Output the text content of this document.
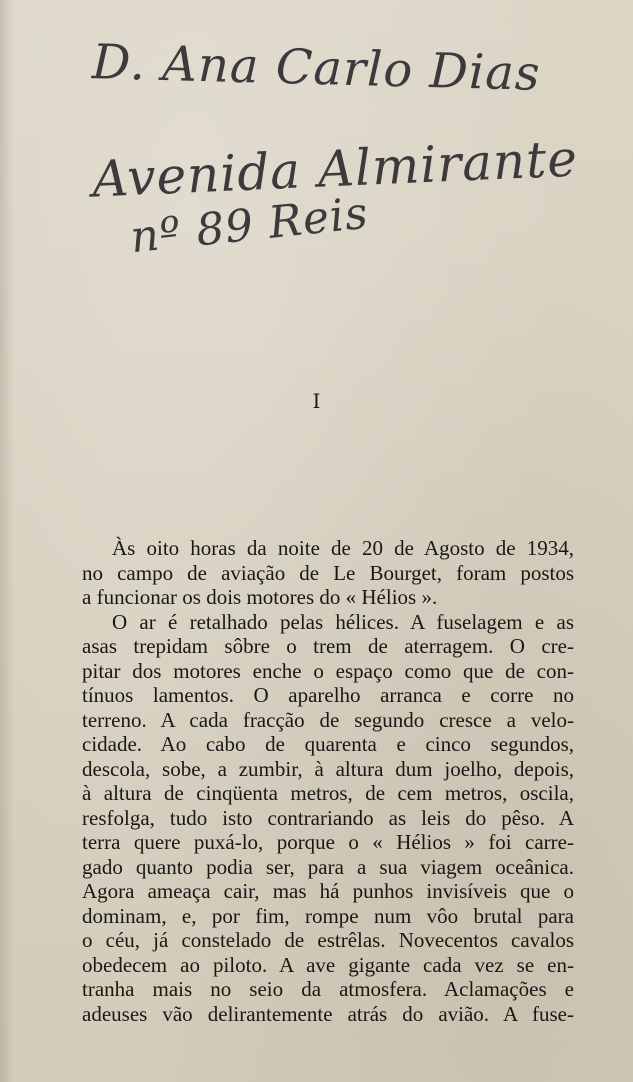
D. Ana Carlo Dias
Avenida Almirante
nº 89 Reis
I
Às oito horas da noite de 20 de Agosto de 1934,
no campo de aviação de Le Bourget, foram postos
a funcionar os dois motores do « Hélios ».
O ar é retalhado pelas hélices. A fuselagem e as
asas trepidam sôbre o trem de aterragem. O cre-
pitar dos motores enche o espaço como que de con-
tínuos lamentos. O aparelho arranca e corre no
terreno. A cada fracção de segundo cresce a velo-
cidade. Ao cabo de quarenta e cinco segundos,
descola, sobe, a zumbir, à altura dum joelho, depois,
à altura de cinqüenta metros, de cem metros, oscila,
resfolga, tudo isto contrariando as leis do pêso. A
terra quere puxá-lo, porque o « Hélios » foi carre-
gado quanto podia ser, para a sua viagem oceânica.
Agora ameaça cair, mas há punhos invisíveis que o
dominam, e, por fim, rompe num vôo brutal para
o céu, já constelado de estrêlas. Novecentos cavalos
obedecem ao piloto. A ave gigante cada vez se en-
tranha mais no seio da atmosfera. Aclamações e
adeuses vão delirantemente atrás do avião. A fuse-
